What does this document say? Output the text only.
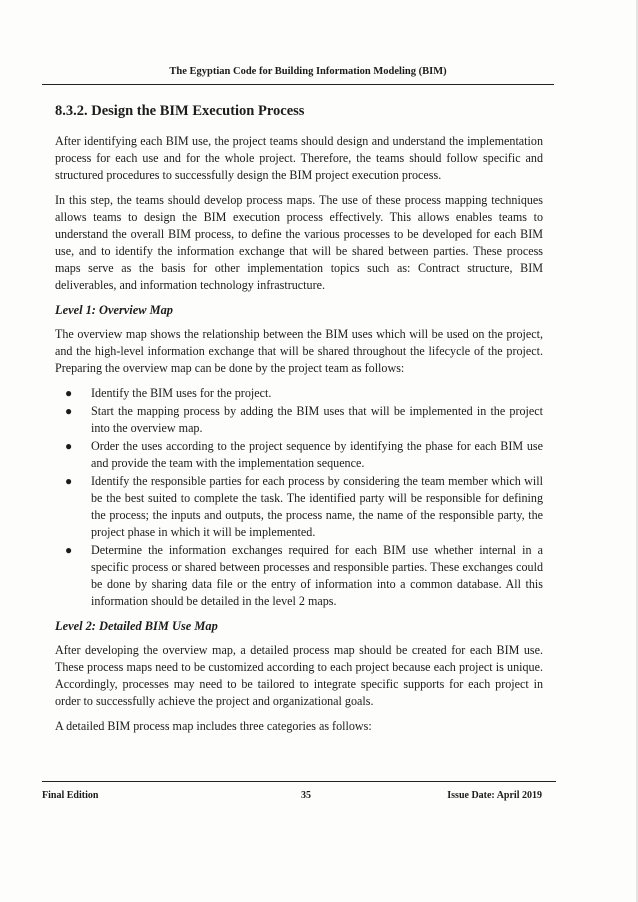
The Egyptian Code for Building Information Modeling (BIM)
8.3.2. Design the BIM Execution Process

After identifying each BIM use, the project teams should design and understand the implementation process for each use and for the whole project. Therefore, the teams should follow specific and structured procedures to successfully design the BIM project execution process.

In this step, the teams should develop process maps. The use of these process mapping techniques allows teams to design the BIM execution process effectively. This allows enables teams to understand the overall BIM process, to define the various processes to be developed for each BIM use, and to identify the information exchange that will be shared between parties. These process maps serve as the basis for other implementation topics such as: Contract structure, BIM deliverables, and information technology infrastructure.

Level 1: Overview Map

The overview map shows the relationship between the BIM uses which will be used on the project, and the high-level information exchange that will be shared throughout the lifecycle of the project. Preparing the overview map can be done by the project team as follows:

● Identify the BIM uses for the project.
● Start the mapping process by adding the BIM uses that will be implemented in the project into the overview map.
● Order the uses according to the project sequence by identifying the phase for each BIM use and provide the team with the implementation sequence.
● Identify the responsible parties for each process by considering the team member which will be the best suited to complete the task. The identified party will be responsible for defining the process; the inputs and outputs, the process name, the name of the responsible party, the project phase in which it will be implemented.
● Determine the information exchanges required for each BIM use whether internal in a specific process or shared between processes and responsible parties. These exchanges could be done by sharing data file or the entry of information into a common database. All this information should be detailed in the level 2 maps.
Level 2: Detailed BIM Use Map

After developing the overview map, a detailed process map should be created for each BIM use. These process maps need to be customized according to each project because each project is unique. Accordingly, processes may need to be tailored to integrate specific supports for each project in order to successfully achieve the project and organizational goals.

A detailed BIM process map includes three categories as follows:

Final Edition	35	Issue Date: April 2019
